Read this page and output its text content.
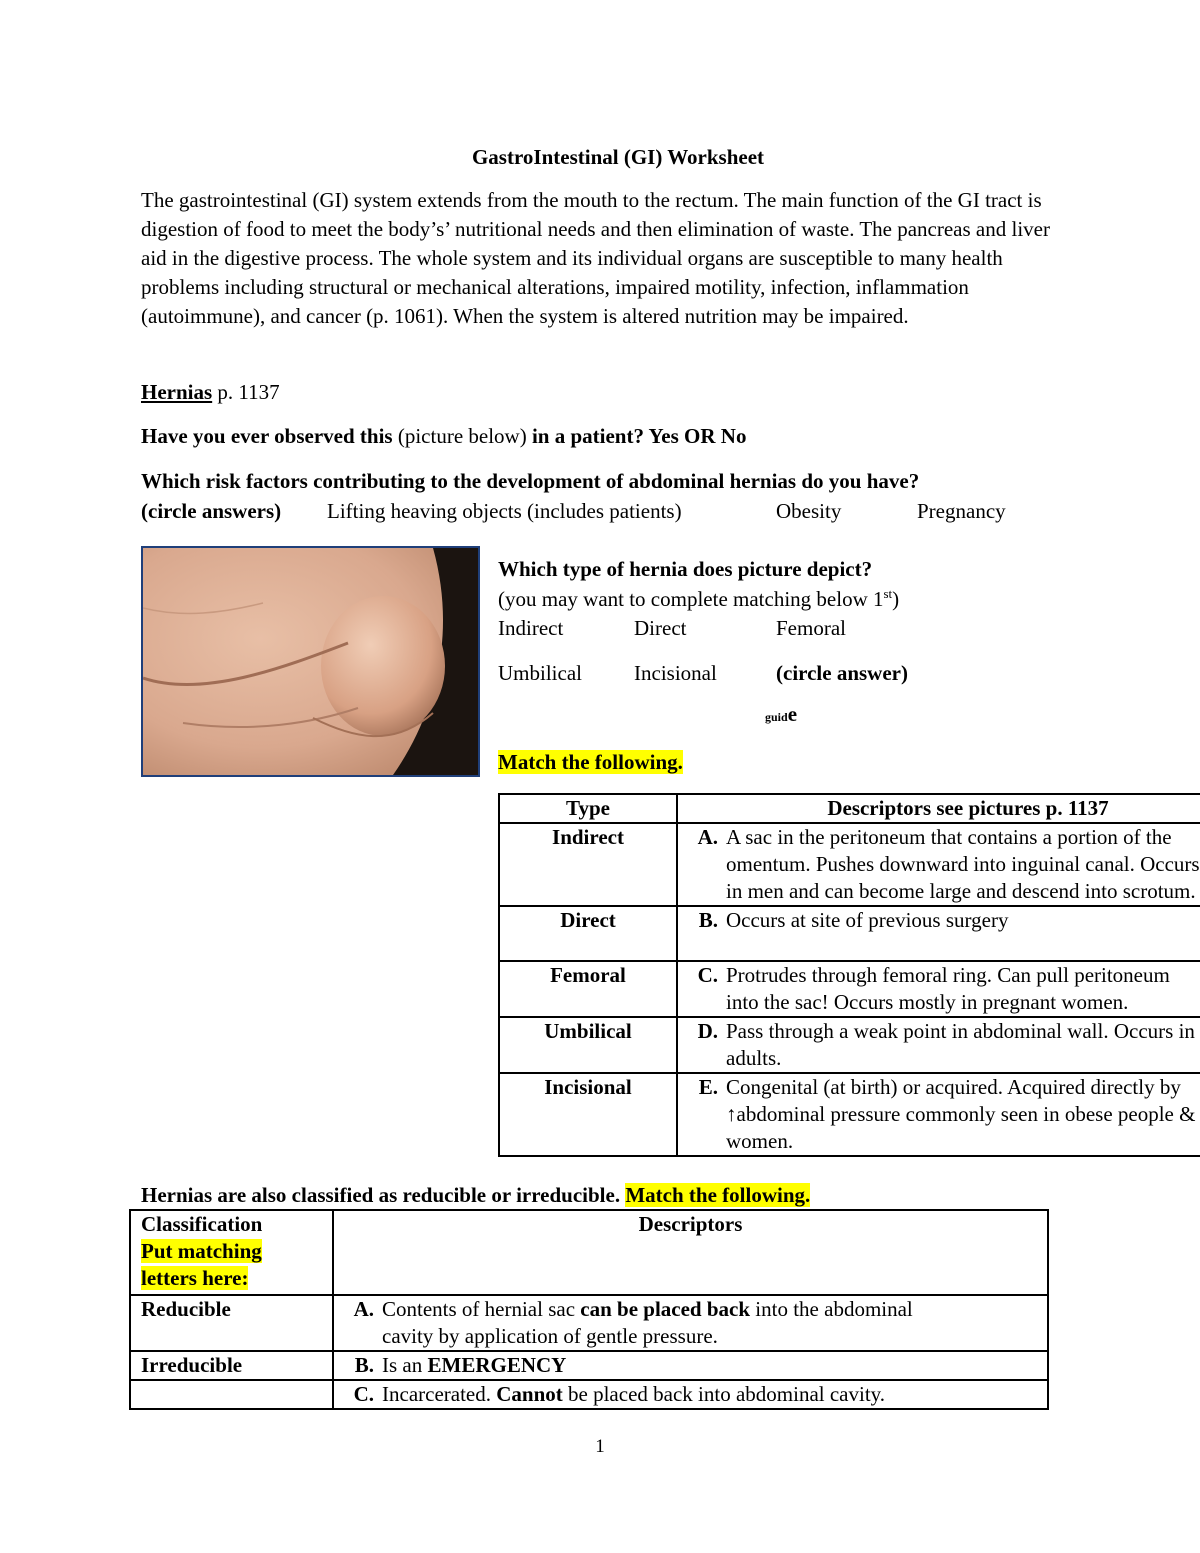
GastroIntestinal (GI) Worksheet

The gastrointestinal (GI) system extends from the mouth to the rectum. The main function of the GI tract is digestion of food to meet the body’s’ nutritional needs and then elimination of waste. The pancreas and liver aid in the digestive process. The whole system and its individual organs are susceptible to many health problems including structural or mechanical alterations, impaired motility, infection, inflammation (autoimmune), and cancer (p. 1061). When the system is altered nutrition may be impaired.

Hernias p. 1137
Have you ever observed this (picture below) in a patient? Yes OR No
Which risk factors contributing to the development of abdominal hernias do you have?
(circle answers) Lifting heaving objects (includes patients)	Obesity	Pregnancy
Which type of hernia does picture depict?
(you may want to complete matching below 1st)
Indirect	Direct	Femoral
Umbilical Incisional	(circle answer)
guide
Match the following.
Type	Descriptors see pictures p. 1137
Indirect	A. A sac in the peritoneum that contains a portion of the
omentum. Pushes downward into inguinal canal. Occurs
in men and can become large and descend into scrotum.

Direct	B. Occurs at site of previous surgery

Femoral	C. Protrudes through femoral ring. Can pull peritoneum
into the sac! Occurs mostly in pregnant women.

Umbilical	D. Pass through a weak point in abdominal wall. Occurs in
adults.

Incisional	E. Congenital (at birth) or acquired. Acquired directly by
↑abdominal pressure commonly seen in obese people &
women.
Hernias are also classified as reducible or irreducible. Match the following.
Classification
Put matching
letters here:	Descriptors
Reducible	A. Contents of hernial sac can be placed back into the abdominal
cavity by application of gentle pressure.

Irreducible	B. Is an EMERGENCY

	C. Incarcerated. Cannot be placed back into abdominal cavity.
1
